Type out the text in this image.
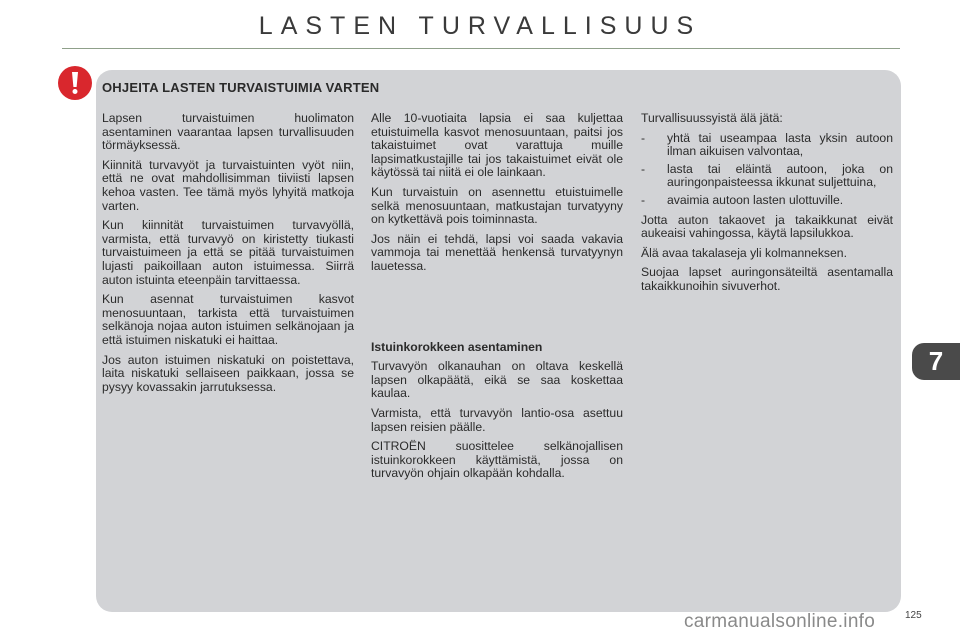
LASTEN TURVALLISUUS
OHJEITA LASTEN TURVAISTUIMIA VARTEN

Lapsen turvaistuimen huolimaton asentaminen vaarantaa lapsen turvallisuuden törmäyksessä.

Kiinnitä turvavyöt ja turvaistuinten vyöt niin, että ne ovat mahdollisimman tiiviisti lapsen kehoa vasten. Tee tämä myös lyhyitä matkoja varten.

Kun kiinnität turvaistuimen turvavyöllä, varmista, että turvavyö on kiristetty tiukasti turvaistuimeen ja että se pitää turvaistuimen lujasti paikoillaan auton istuimessa. Siirrä auton istuinta eteenpäin tarvittaessa.

Kun asennat turvaistuimen kasvot menosuuntaan, tarkista että turvaistuimen selkänoja nojaa auton istuimen selkänojaan ja että istuimen niskatuki ei haittaa.

Jos auton istuimen niskatuki on poistettava, laita niskatuki sellaiseen paikkaan, jossa se pysyy kovassakin jarrutuksessa.

Alle 10-vuotiaita lapsia ei saa kuljettaa etuistuimella kasvot menosuuntaan, paitsi jos takaistuimet ovat varattuja muille lapsimatkustajille tai jos takaistuimet eivät ole käytössä tai niitä ei ole lainkaan.

Kun turvaistuin on asennettu etuistuimelle selkä menosuuntaan, matkustajan turvatyyny on kytkettävä pois toiminnasta.

Jos näin ei tehdä, lapsi voi saada vakavia vammoja tai menettää henkensä turvatyynyn lauetessa.

Istuinkorokkeen asentaminen

Turvavyön olkanauhan on oltava keskellä lapsen olkapäätä, eikä se saa koskettaa kaulaa.

Varmista, että turvavyön lantio-osa asettuu lapsen reisien päälle.

CITROËN suosittelee selkänojallisen istuinkorokkeen käyttämistä, jossa on turvavyön ohjain olkapään kohdalla.

Turvallisuussyistä älä jätä:

-	yhtä tai useampaa lasta yksin autoon ilman aikuisen valvontaa,
-	lasta tai eläintä autoon, joka on auringonpaisteessa ikkunat suljettuina,
-	avaimia autoon lasten ulottuville.

Jotta auton takaovet ja takaikkunat eivät aukeaisi vahingossa, käytä lapsilukkoa.

Älä avaa takalaseja yli kolmanneksen.

Suojaa lapset auringonsäteiltä asentamalla takaikkunoihin sivuverhot.

7
125
carmanualsonline.info
